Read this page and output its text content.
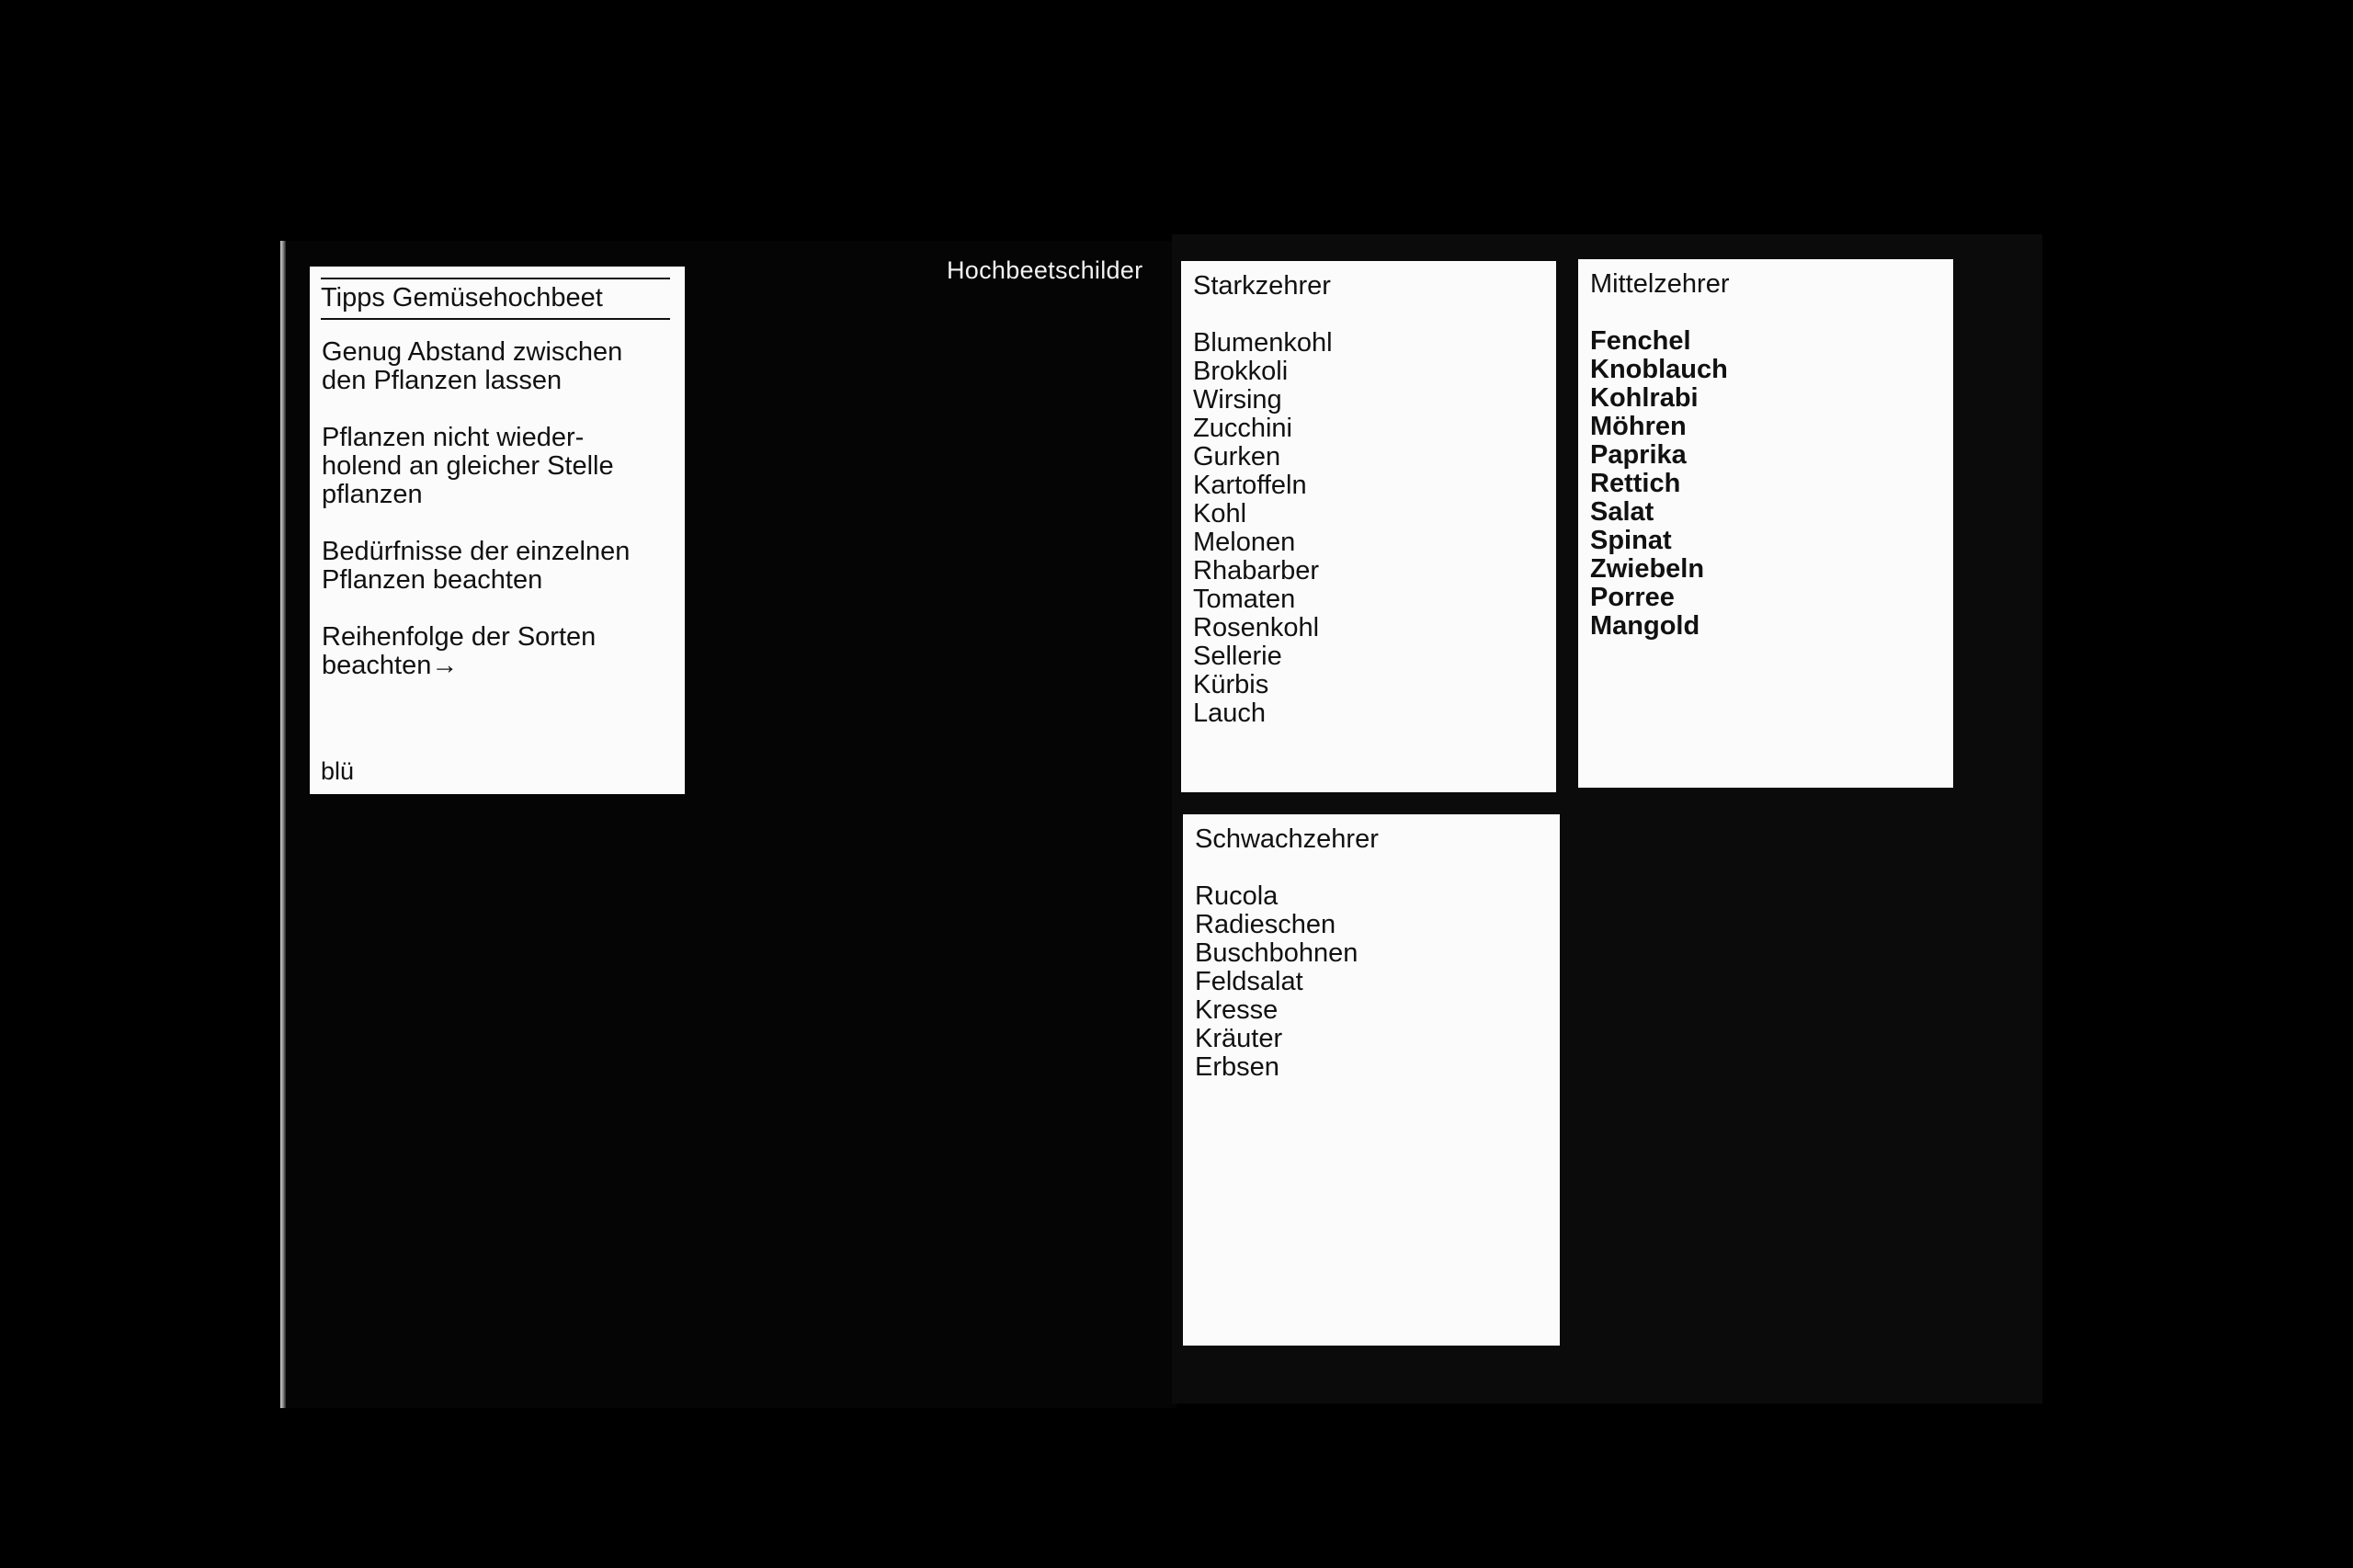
Hochbeetschilder
Tipps Gemüsehochbeet
Genug Abstand zwischen den Pflanzen lassen
Pflanzen nicht wieder-holend an gleicher Stelle pflanzen
Bedürfnisse der einzelnen Pflanzen beachten
Reihenfolge der Sorten beachten→
blü
Starkzehrer
Blumenkohl
Brokkoli
Wirsing
Zucchini
Gurken
Kartoffeln
Kohl
Melonen
Rhabarber
Tomaten
Rosenkohl
Sellerie
Kürbis
Lauch
Mittelzehrer
Fenchel
Knoblauch
Kohlrabi
Möhren
Paprika
Rettich
Salat
Spinat
Zwiebeln
Porree
Mangold
Schwachzehrer
Rucola
Radieschen
Buschbohnen
Feldsalat
Kresse
Kräuter
Erbsen
